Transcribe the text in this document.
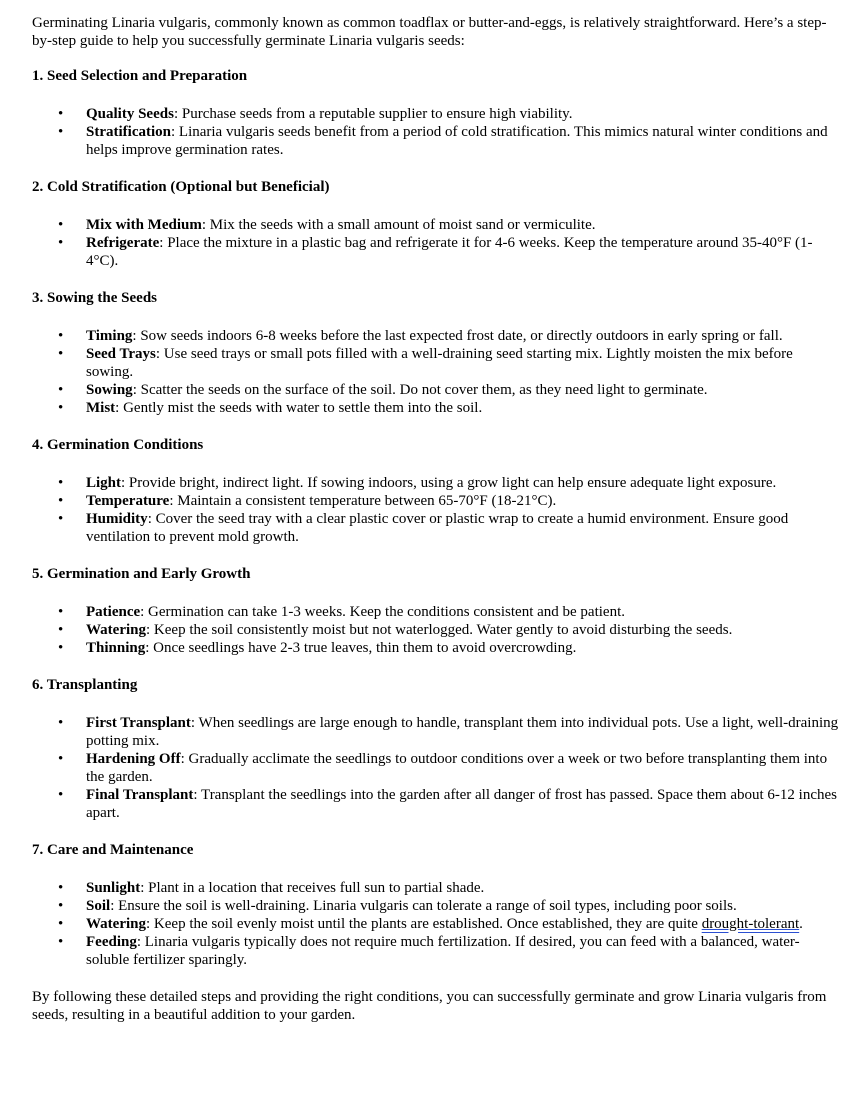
Germinating Linaria vulgaris, commonly known as common toadflax or butter-and-eggs, is relatively straightforward. Here’s a step-by-step guide to help you successfully germinate Linaria vulgaris seeds:

1. Seed Selection and Preparation
• Quality Seeds: Purchase seeds from a reputable supplier to ensure high viability.
• Stratification: Linaria vulgaris seeds benefit from a period of cold stratification. This mimics natural winter conditions and helps improve germination rates.
2. Cold Stratification (Optional but Beneficial)
• Mix with Medium: Mix the seeds with a small amount of moist sand or vermiculite.
• Refrigerate: Place the mixture in a plastic bag and refrigerate it for 4-6 weeks. Keep the temperature around 35-40°F (1-4°C).
3. Sowing the Seeds
• Timing: Sow seeds indoors 6-8 weeks before the last expected frost date, or directly outdoors in early spring or fall.
• Seed Trays: Use seed trays or small pots filled with a well-draining seed starting mix. Lightly moisten the mix before sowing.
• Sowing: Scatter the seeds on the surface of the soil. Do not cover them, as they need light to germinate.
• Mist: Gently mist the seeds with water to settle them into the soil.
4. Germination Conditions
• Light: Provide bright, indirect light. If sowing indoors, using a grow light can help ensure adequate light exposure.
• Temperature: Maintain a consistent temperature between 65-70°F (18-21°C).
• Humidity: Cover the seed tray with a clear plastic cover or plastic wrap to create a humid environment. Ensure good ventilation to prevent mold growth.
5. Germination and Early Growth
• Patience: Germination can take 1-3 weeks. Keep the conditions consistent and be patient.
• Watering: Keep the soil consistently moist but not waterlogged. Water gently to avoid disturbing the seeds.
• Thinning: Once seedlings have 2-3 true leaves, thin them to avoid overcrowding.
6. Transplanting
• First Transplant: When seedlings are large enough to handle, transplant them into individual pots. Use a light, well-draining potting mix.
• Hardening Off: Gradually acclimate the seedlings to outdoor conditions over a week or two before transplanting them into the garden.
• Final Transplant: Transplant the seedlings into the garden after all danger of frost has passed. Space them about 6-12 inches apart.
7. Care and Maintenance
• Sunlight: Plant in a location that receives full sun to partial shade.
• Soil: Ensure the soil is well-draining. Linaria vulgaris can tolerate a range of soil types, including poor soils.
• Watering: Keep the soil evenly moist until the plants are established. Once established, they are quite drought-tolerant.
• Feeding: Linaria vulgaris typically does not require much fertilization. If desired, you can feed with a balanced, water-soluble fertilizer sparingly.

By following these detailed steps and providing the right conditions, you can successfully germinate and grow Linaria vulgaris from seeds, resulting in a beautiful addition to your garden.
